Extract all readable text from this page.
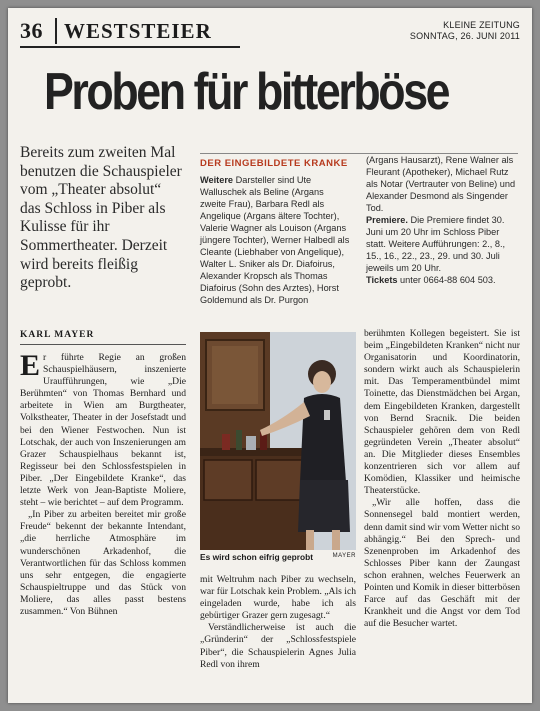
36 WESTSTEIER	KLEINE ZEITUNG
SONNTAG, 26. JUNI 2011
Proben für bitterböse
Bereits zum zweiten Mal benutzen die Schauspieler vom „Theater absolut“ das Schloss in Piber als Kulisse für ihr Sommertheater. Derzeit wird bereits fleißig geprobt.
KARL MAYER

Er führte Regie an großen Schauspielhäusern, inszenierte Uraufführungen, wie „Die Berühmten“ von Thomas Bernhard und arbeitete in Wien am Burgtheater, Volkstheater, Theater in der Josefstadt und bei den Wiener Festwochen. Nun ist Lotschak, der auch von Inszenierungen am Grazer Schauspielhaus bekannt ist, Regisseur bei den Schlossfestspielen in Piber. „Der Eingebildete Kranke“, das letzte Werk von Jean-Baptiste Moliere, steht – wie berichtet – auf dem Programm.

„In Piber zu arbeiten bereitet mir große Freude“ bekennt der bekannte Intendant, „die herrliche Atmosphäre im wunderschönen Arkadenhof, die Verantwortlichen für das Schloss kommen uns sehr entgegen, die engagierte Schauspieltruppe und das Stück von Moliere, das alles passt bestens zusammen.“ Von Bühnen

DER EINGEBILDETE KRANKE
Weitere Darsteller sind Ute Walluschek als Beline (Argans zweite Frau), Barbara Redl als Angelique (Argans ältere Tochter), Valerie Wagner als Louison (Argans jüngere Tochter), Werner Halbedl als Cleante (Liebhaber von Angelique), Walter L. Sniker als Dr. Diafoirus, Alexander Kropsch als Thomas Diafoirus (Sohn des Arztes), Horst Goldemund als Dr. Purgon
(Argans Hausarzt), Rene Walner als Fleurant (Apotheker), Michael Rutz als Notar (Vertrauter von Beline) und Alexander Desmond als Singender Tod.
Premiere. Die Premiere findet 30. Juni um 20 Uhr im Schloss Piber statt. Weitere Aufführungen: 2., 8., 15., 16., 22., 23., 29. und 30. Juli jeweils um 20 Uhr.
Tickets unter 0664-88 604 503.
Es wird schon eifrig geprobt	MAYER

mit Weltruhm nach Piber zu wechseln, war für Lotschak kein Problem. „Als ich eingeladen wurde, habe ich als gebürtiger Grazer gern zugesagt.“

Verständlicherweise ist auch die „Gründerin“ der „Schlossfestspiele Piber“, die Schauspielerin Agnes Julia Redl von ihrem

berühmten Kollegen begeistert. Sie ist beim „Eingebildeten Kranken“ nicht nur Organisatorin und Koordinatorin, sondern wirkt auch als Schauspielerin mit. Das Temperamentbündel mimt Toinette, das Dienstmädchen bei Argan, dem Eingebildeten Kranken, dargestellt von Bernd Sracnik. Die beiden Schauspieler gehören dem von Redl gegründeten Verein „Theater absolut“ an. Die Mitglieder dieses Ensembles konzentrieren sich vor allem auf Komödien, Klassiker und heimische Theaterstücke.

„Wir alle hoffen, dass die Sonnensegel bald montiert werden, denn damit sind wir vom Wetter nicht so abhängig.“ Bei den Sprech- und Szenenproben im Arkadenhof des Schlosses Piber kann der Zaungast schon erahnen, welches Feuerwerk an Pointen und Komik in dieser bitterbösen Farce auf das Geschäft mit der Krankheit und die Angst vor dem Tod auf die Besucher wartet.
